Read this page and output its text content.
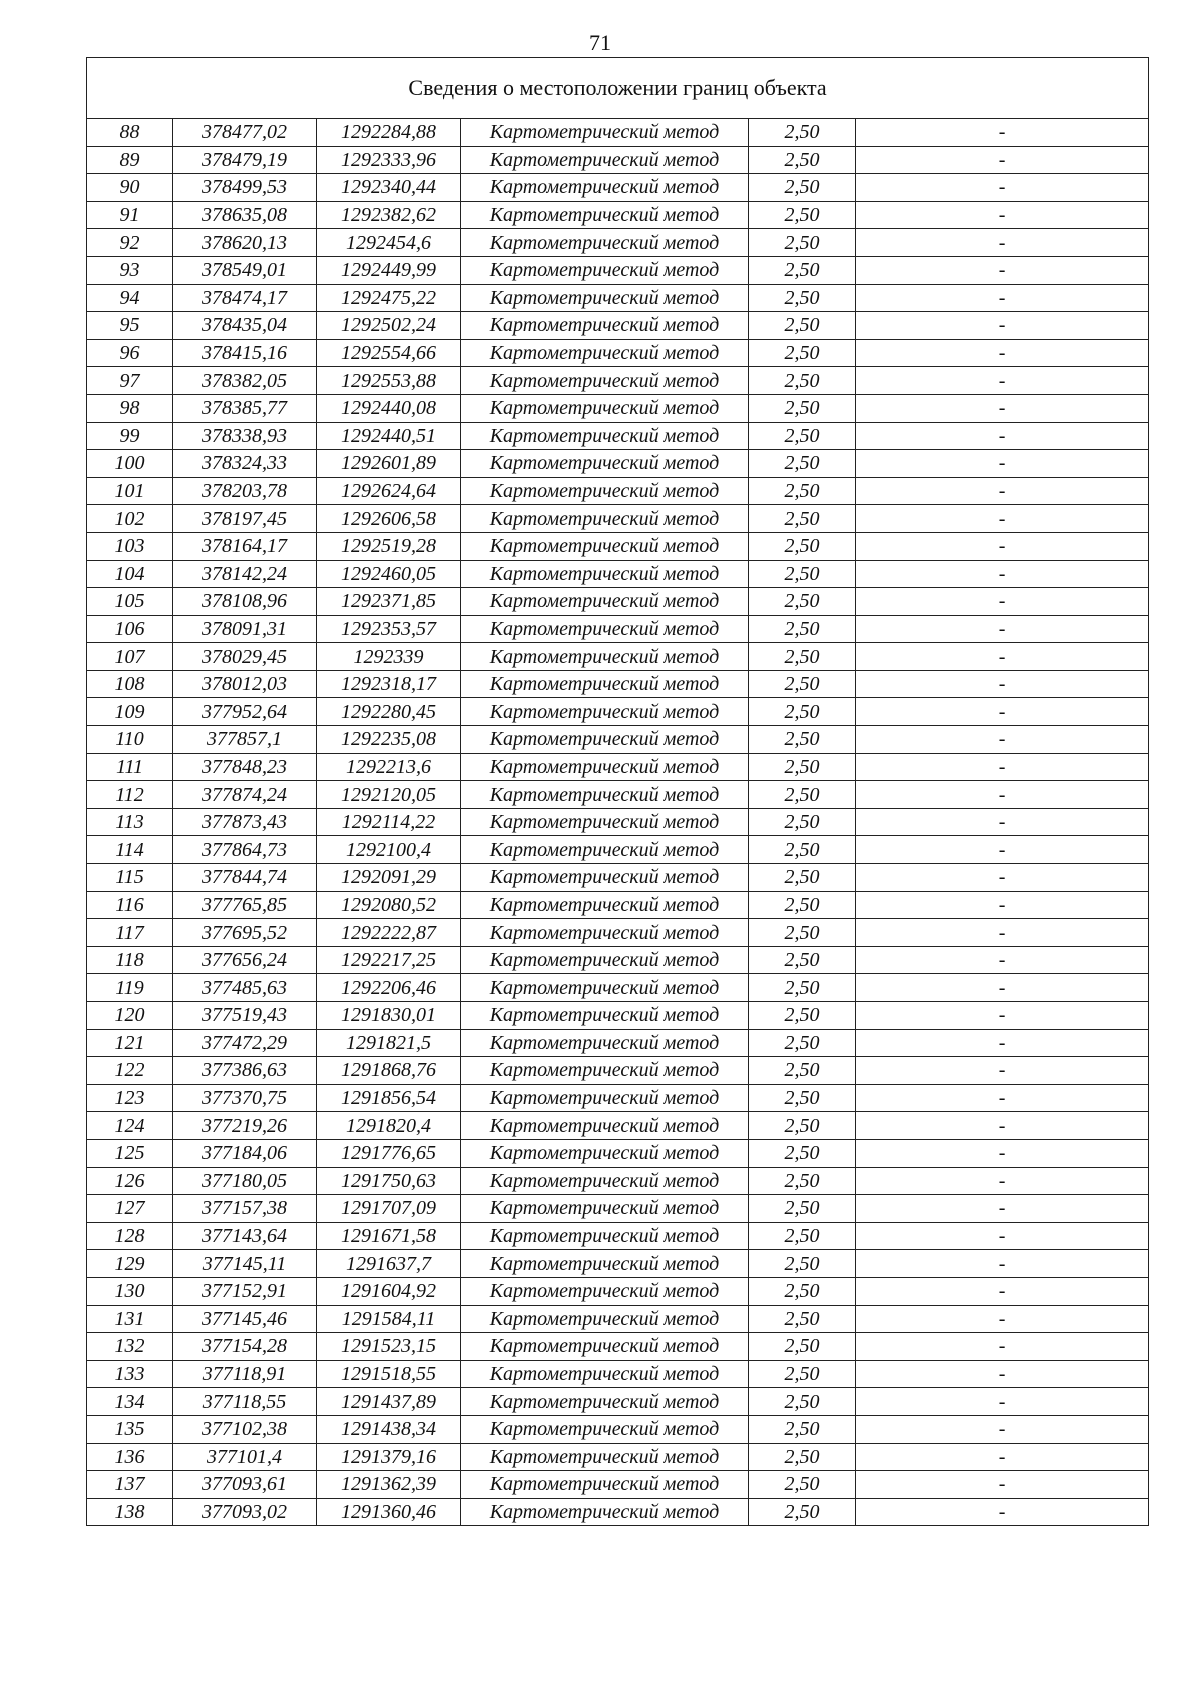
71
Сведения о местоположении границ объекта					
88	378477,02	1292284,88	Картометрический метод	2,50	-
89	378479,19	1292333,96	Картометрический метод	2,50	-
90	378499,53	1292340,44	Картометрический метод	2,50	-
91	378635,08	1292382,62	Картометрический метод	2,50	-
92	378620,13	1292454,6	Картометрический метод	2,50	-
93	378549,01	1292449,99	Картометрический метод	2,50	-
94	378474,17	1292475,22	Картометрический метод	2,50	-
95	378435,04	1292502,24	Картометрический метод	2,50	-
96	378415,16	1292554,66	Картометрический метод	2,50	-
97	378382,05	1292553,88	Картометрический метод	2,50	-
98	378385,77	1292440,08	Картометрический метод	2,50	-
99	378338,93	1292440,51	Картометрический метод	2,50	-
100	378324,33	1292601,89	Картометрический метод	2,50	-
101	378203,78	1292624,64	Картометрический метод	2,50	-
102	378197,45	1292606,58	Картометрический метод	2,50	-
103	378164,17	1292519,28	Картометрический метод	2,50	-
104	378142,24	1292460,05	Картометрический метод	2,50	-
105	378108,96	1292371,85	Картометрический метод	2,50	-
106	378091,31	1292353,57	Картометрический метод	2,50	-
107	378029,45	1292339	Картометрический метод	2,50	-
108	378012,03	1292318,17	Картометрический метод	2,50	-
109	377952,64	1292280,45	Картометрический метод	2,50	-
110	377857,1	1292235,08	Картометрический метод	2,50	-
111	377848,23	1292213,6	Картометрический метод	2,50	-
112	377874,24	1292120,05	Картометрический метод	2,50	-
113	377873,43	1292114,22	Картометрический метод	2,50	-
114	377864,73	1292100,4	Картометрический метод	2,50	-
115	377844,74	1292091,29	Картометрический метод	2,50	-
116	377765,85	1292080,52	Картометрический метод	2,50	-
117	377695,52	1292222,87	Картометрический метод	2,50	-
118	377656,24	1292217,25	Картометрический метод	2,50	-
119	377485,63	1292206,46	Картометрический метод	2,50	-
120	377519,43	1291830,01	Картометрический метод	2,50	-
121	377472,29	1291821,5	Картометрический метод	2,50	-
122	377386,63	1291868,76	Картометрический метод	2,50	-
123	377370,75	1291856,54	Картометрический метод	2,50	-
124	377219,26	1291820,4	Картометрический метод	2,50	-
125	377184,06	1291776,65	Картометрический метод	2,50	-
126	377180,05	1291750,63	Картометрический метод	2,50	-
127	377157,38	1291707,09	Картометрический метод	2,50	-
128	377143,64	1291671,58	Картометрический метод	2,50	-
129	377145,11	1291637,7	Картометрический метод	2,50	-
130	377152,91	1291604,92	Картометрический метод	2,50	-
131	377145,46	1291584,11	Картометрический метод	2,50	-
132	377154,28	1291523,15	Картометрический метод	2,50	-
133	377118,91	1291518,55	Картометрический метод	2,50	-
134	377118,55	1291437,89	Картометрический метод	2,50	-
135	377102,38	1291438,34	Картометрический метод	2,50	-
136	377101,4	1291379,16	Картометрический метод	2,50	-
137	377093,61	1291362,39	Картометрический метод	2,50	-
138	377093,02	1291360,46	Картометрический метод	2,50	-
